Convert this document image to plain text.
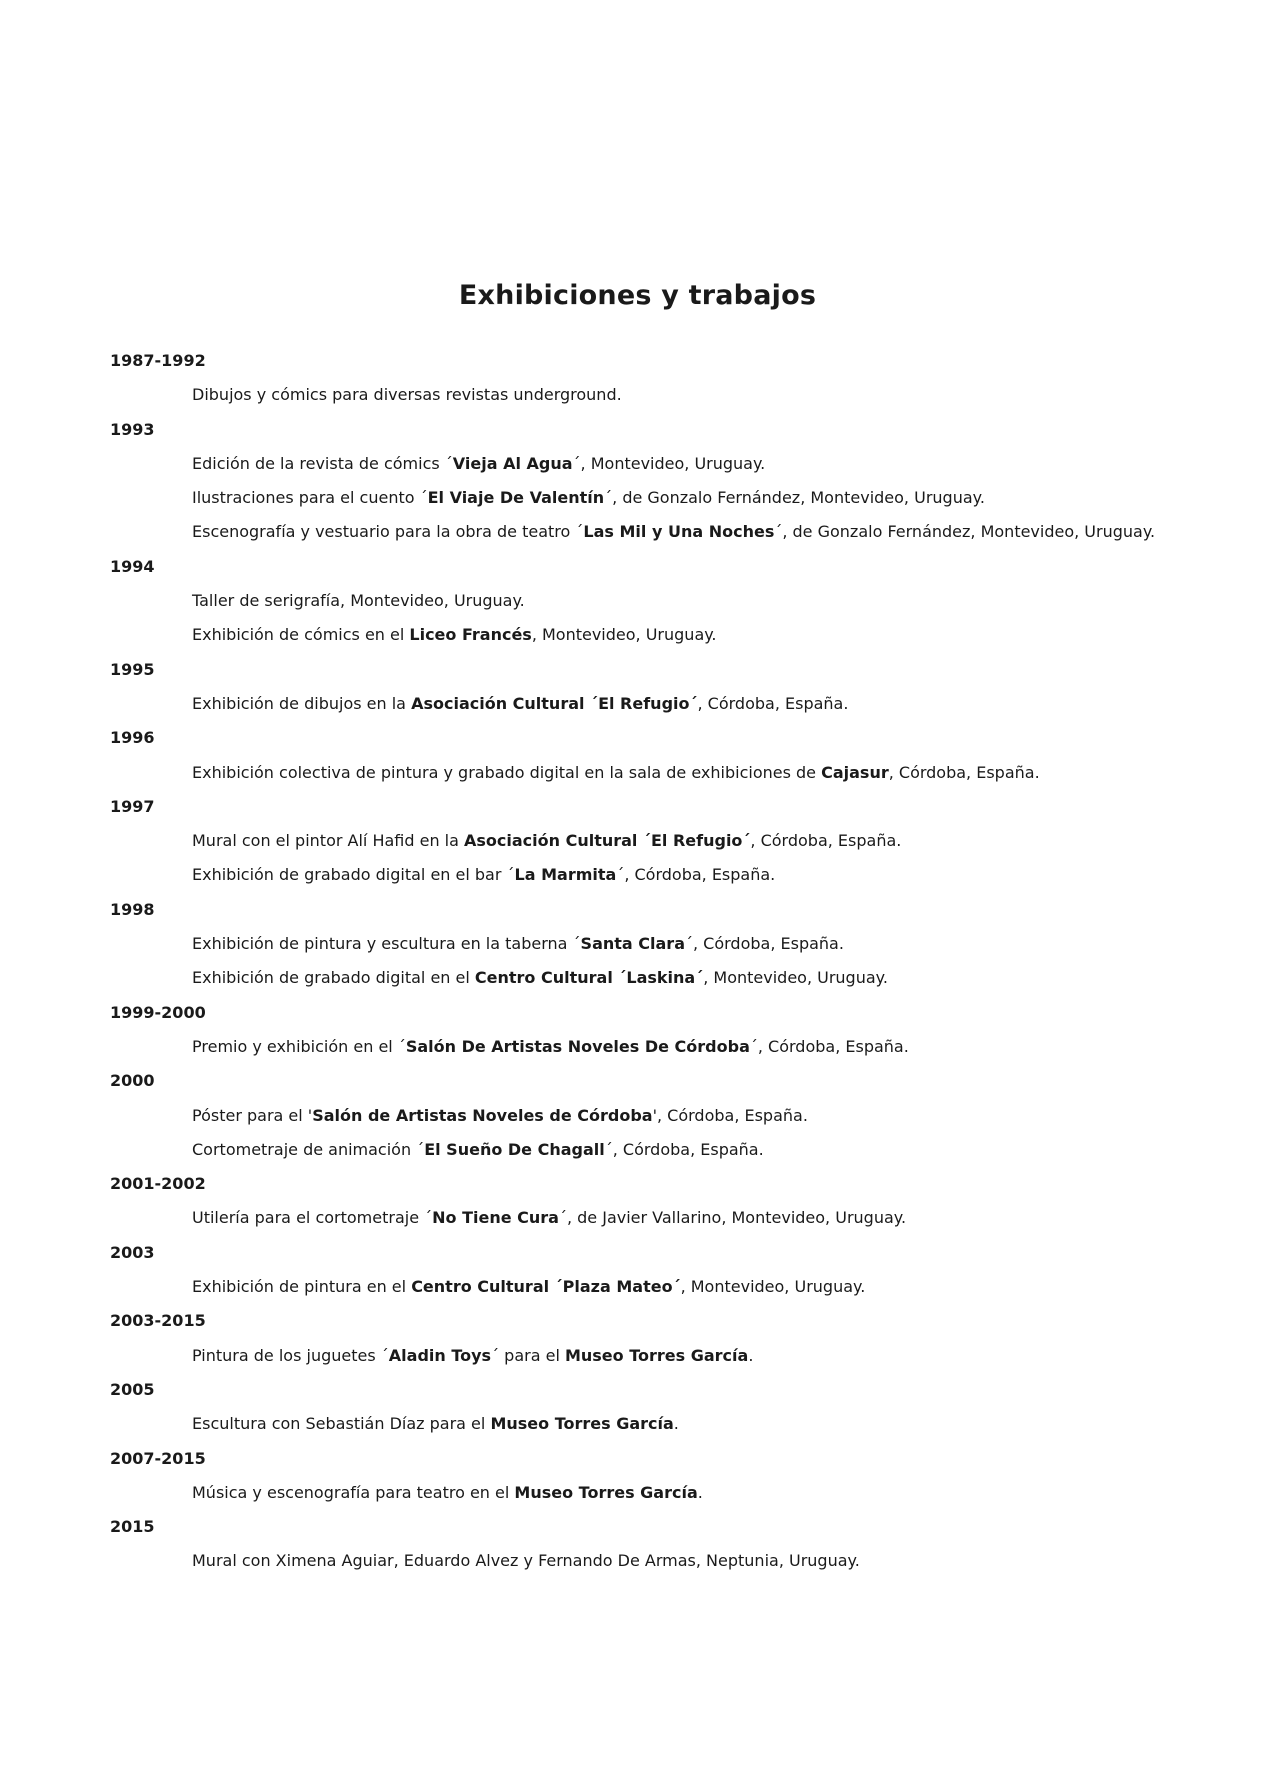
Exhibiciones y trabajos
1987-1992
Dibujos y cómics para diversas revistas underground.
1993
Edición de la revista de cómics ´Vieja Al Agua´, Montevideo, Uruguay.
Ilustraciones para el cuento ´El Viaje De Valentín´, de Gonzalo Fernández, Montevideo, Uruguay.
Escenografía y vestuario para la obra de teatro ´Las Mil y Una Noches´, de Gonzalo Fernández, Montevideo, Uruguay.
1994
Taller de serigrafía, Montevideo, Uruguay.
Exhibición de cómics en el Liceo Francés, Montevideo, Uruguay.
1995
Exhibición de dibujos en la Asociación Cultural ´El Refugio´, Córdoba, España.
1996
Exhibición colectiva de pintura y grabado digital en la sala de exhibiciones de Cajasur, Córdoba, España.
1997
Mural con el pintor Alí Hafid en la Asociación Cultural ´El Refugio´, Córdoba, España.
Exhibición de grabado digital en el bar ´La Marmita´, Córdoba, España.
1998
Exhibición de pintura y escultura en la taberna ´Santa Clara´, Córdoba, España.
Exhibición de grabado digital en el Centro Cultural ´Laskina´, Montevideo, Uruguay.
1999-2000
Premio y exhibición en el ´Salón De Artistas Noveles De Córdoba´, Córdoba, España.
2000
Póster para el 'Salón de Artistas Noveles de Córdoba', Córdoba, España.
Cortometraje de animación ´El Sueño De Chagall´, Córdoba, España.
2001-2002
Utilería para el cortometraje ´No Tiene Cura´, de Javier Vallarino, Montevideo, Uruguay.
2003
Exhibición de pintura en el Centro Cultural ´Plaza Mateo´, Montevideo, Uruguay.
2003-2015
Pintura de los juguetes ´Aladin Toys´ para el Museo Torres García.
2005
Escultura con Sebastián Díaz para el Museo Torres García.
2007-2015
Música y escenografía para teatro en el Museo Torres García.
2015
Mural con Ximena Aguiar, Eduardo Alvez y Fernando De Armas, Neptunia, Uruguay.
